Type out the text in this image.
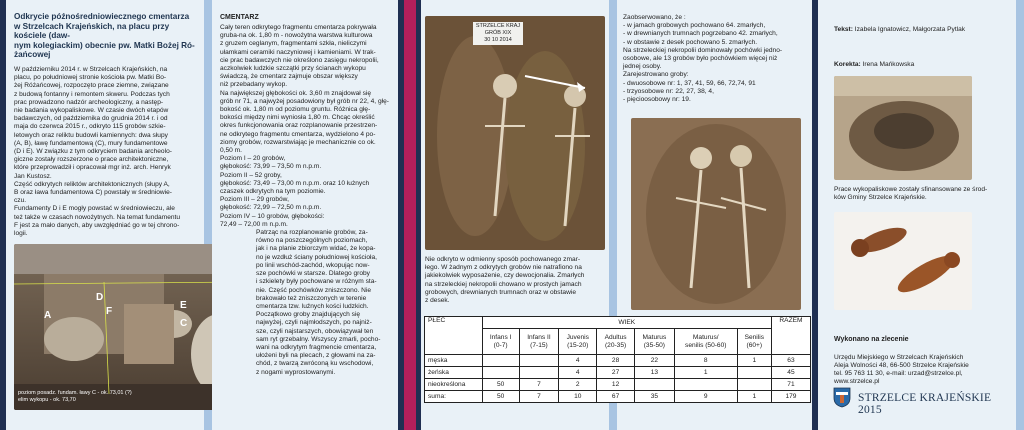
Odkrycie późnośredniowiecznego cmentarza
w Strzelcach Krajeńskich, na placu przy kościele (daw-
nym kolegiackim) obecnie pw. Matki Bożej Ró-
żańcowej

W październiku 2014 r. w Strzelcach Krajeńskich, na
placu, po południowej stronie kościoła pw. Matki Bo-
żej Różańcowej, rozpoczęto prace ziemne, związane
z budową fontanny i remontem skweru. Podczas tych
prac prowadzono nadzór archeologiczny, a następ-
nie badania wykopaliskowe. W czasie dwóch etapów
badawczych, od października do grudnia 2014 r. i od
maja do czerwca 2015 r., odkryto 115 grobów szkie-
letowych oraz reliktu budowli kamiennych: dwa słupy
(A, B), ławę fundamentową (C), mury fundamentowe
(D i E). W związku z tym odkryciem badania archeolo-
giczne zostały rozszerzone o prace architektoniczne,
które przeprowadził i opracował mgr inż. arch. Henryk
Jan Kustosz.
Część odkrytych reliktów architektonicznych (słupy A,
B oraz ława fundamentowa C) powstały w średniowie-
czu.
Fundamenty D i E mogły powstać w średniowieczu, ale
też także w czasach nowożytnych. Na temat fundamentu
F jest za mało danych, aby uwzględniać go w tej chrono-
logii.

A
C
D
E
F

poziom posadz. fundam. ławy C - ok. 73,01 (?)
elim wykopu - ok. 73,70

CMENTARZ

Cały teren odkrytego fragmentu cmentarza pokrywała
gruba-na ok. 1,80 m - nowożytna warstwa kulturowa
z gruzem ceglanym, fragmentami szkła, nieliczymi
ułamkami ceramiki naczyniowej i kamieniami. W trak-
cie prac badawczych nie określono zasięgu nekropolii,
aczkolwiek ludzkie szczątki przy ścianach wykopu
świadczą, że cmentarz zajmuje obszar większy
niż przebadany wykop.
Na największej głębokości ok. 3,60 m znajdował się
grób nr 71, a najwyżej posadowiony był grób nr 22, 4, głę-
bokość ok. 1,80 m od poziomu gruntu. Różnica głę-
bokości między nimi wyniosła 1,80 m. Chcąc określić
okres funkcjonowania oraz rozplanowanie przestrzen-
ne odkrytego fragmentu cmentarza, wydzielono 4 po-
ziomy grobów, rozwarstwiając je mechanicznie co ok.
0,50 m.

Poziom I – 20 grobów,
głębokość: 73,99 – 73,50 m n.p.m.
Poziom II – 52 groby,
głębokość: 73,49 – 73,00 m n.p.m. oraz 10 łużnych
czaszek odkrytych na tym poziomie.
Poziom III – 29 grobów,
głębokość: 72,99 – 72,50 m n.p.m.
Poziom IV – 10 grobów, głębokości:
72,49 – 72,00 m n.p.m.

Patrząc na rozplanowanie grobów, za-
równo na poszczególnych poziomach,
jak i na planie zbiorczym widać, że kopa-
no je wzdłuż ściany południowej kościoła,
po linii wschód-zachód, wkopując now-
sze pochówki w starsze. Dlatego groby
i szkielety były pochowane w różnym sta-
nie. Część pochówków zniszczono. Nie
brakowało też zniszczonych w terenie
cmentarza tzw. luźnych kości ludzkich.
Początkowo groby znajdujących się
najwyżej, czyli najmłodszych, po najniż-
sze, czyli najstarszych, obowiązywał ten
sam ryt grzebalny. Wszyscy zmarli, pocho-
wani na odkrytym fragmencie cmentarza,
ułożeni byli na plecach, z głowami na za-
chód, z twarzą zwróconą ku wschodowi,
z nogami wyprostowanymi.

STRZELCE KRAJ
GRÓB XIX
30 10 2014

Nie odkryto w odmienny sposób pochowanego zmar-
łego. W żadnym z odkrytych grobów nie natrafiono na
jakiekolwiek wyposażenie, czy dewocjonalia. Zmarłych
na strzeleckiej nekropolii chowano w prostych jamach
grobowych, drewnianych trumnach oraz w obstawie
z desek.

Zaobserwowano, że :
- w jamach grobowych pochowano 64. zmarłych,
- w drewnianych trumnach pogrzebano 42. zmarłych,
- w obstawie z desek pochowano 5. zmarłych.
Na strzeleckiej nekropolii dominowały pochówki jedno-
osobowe, ale 13 grobów było pochówkiem więcej niż
jednej osoby.
Zarejestrowano groby:
- dwuosobowe nr: 1, 37, 41, 59, 66, 72,74, 91
- trzyosobowe nr: 22, 27, 38, 4,
- pięcioosobowy nr: 19.

PŁEĆ	WIEK							RAZEM
	Infans I
(0-7)	Infans II
(7-15)	Juvenis
(15-20)	Adultus
(20-35)	Maturus
(35-50)	Maturus/
senilis (50-60)	Senilis
(60+)	
męska			4	28	22	8	1	63
żeńska			4	27	13	1		45
nieokreślona	50	7	2	12				71
suma:	50	7	10	67	35	9	1	179

Tekst: Izabela Ignatowicz, Małgorzata Pytlak

Korekta: Irena Mańkowska

Prace wykopaliskowe zostały sfinansowane ze środ-
ków Gminy Strzelce Krajeńskie.

Wykonano na zlecenie

Urzędu Miejskiego w Strzelcach Krajeńskich
Aleja Wolności 48, 66-500 Strzelce Krajeńskie
tel. 95 763 11 30, e-mail: urzad@strzelce.pl,
www.strzelce.pl

STRZELCE KRAJEŃSKIE 2015
